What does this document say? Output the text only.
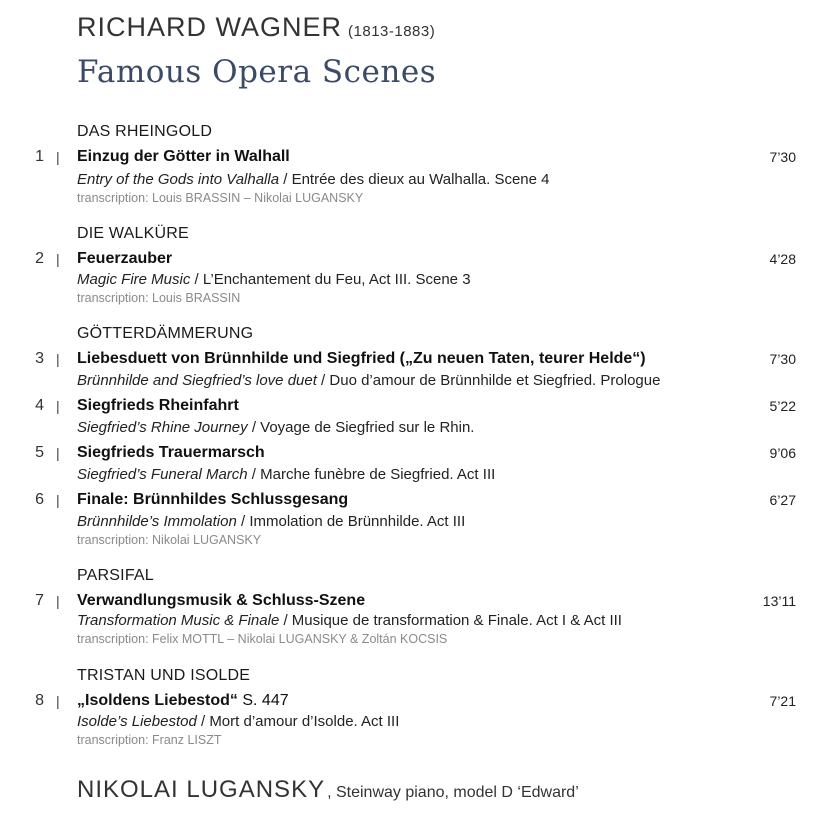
RICHARD WAGNER (1813-1883)
Famous Opera Scenes
DAS RHEINGOLD
1 | Einzug der Götter in Walhall	7’30
Entry of the Gods into Valhalla / Entrée des dieux au Walhalla. Scene 4
transcription: Louis BRASSIN – Nikolai LUGANSKY
DIE WALKÜRE
2 | Feuerzauber	4’28
Magic Fire Music / L’Enchantement du Feu, Act III. Scene 3
transcription: Louis BRASSIN
GÖTTERDÄMMERUNG
3 | Liebesduett von Brünnhilde und Siegfried („Zu neuen Taten, teurer Helde“)	7’30
Brünnhilde and Siegfried’s love duet / Duo d’amour de Brünnhilde et Siegfried. Prologue
4 | Siegfrieds Rheinfahrt	5’22
Siegfried’s Rhine Journey / Voyage de Siegfried sur le Rhin.
5 | Siegfrieds Trauermarsch	9’06
Siegfried’s Funeral March / Marche funèbre de Siegfried. Act III
6 | Finale: Brünnhildes Schlussgesang	6’27
Brünnhilde’s Immolation / Immolation de Brünnhilde. Act III
transcription: Nikolai LUGANSKY
PARSIFAL
7 | Verwandlungsmusik & Schluss-Szene	13’11
Transformation Music & Finale / Musique de transformation & Finale. Act I & Act III
transcription: Felix MOTTL – Nikolai LUGANSKY & Zoltán KOCSIS
TRISTAN UND ISOLDE
8 | „Isoldens Liebestod“ S. 447	7’21
Isolde’s Liebestod / Mort d’amour d’Isolde. Act III
transcription: Franz LISZT
NIKOLAI LUGANSKY , Steinway piano, model D ‘Edward’
